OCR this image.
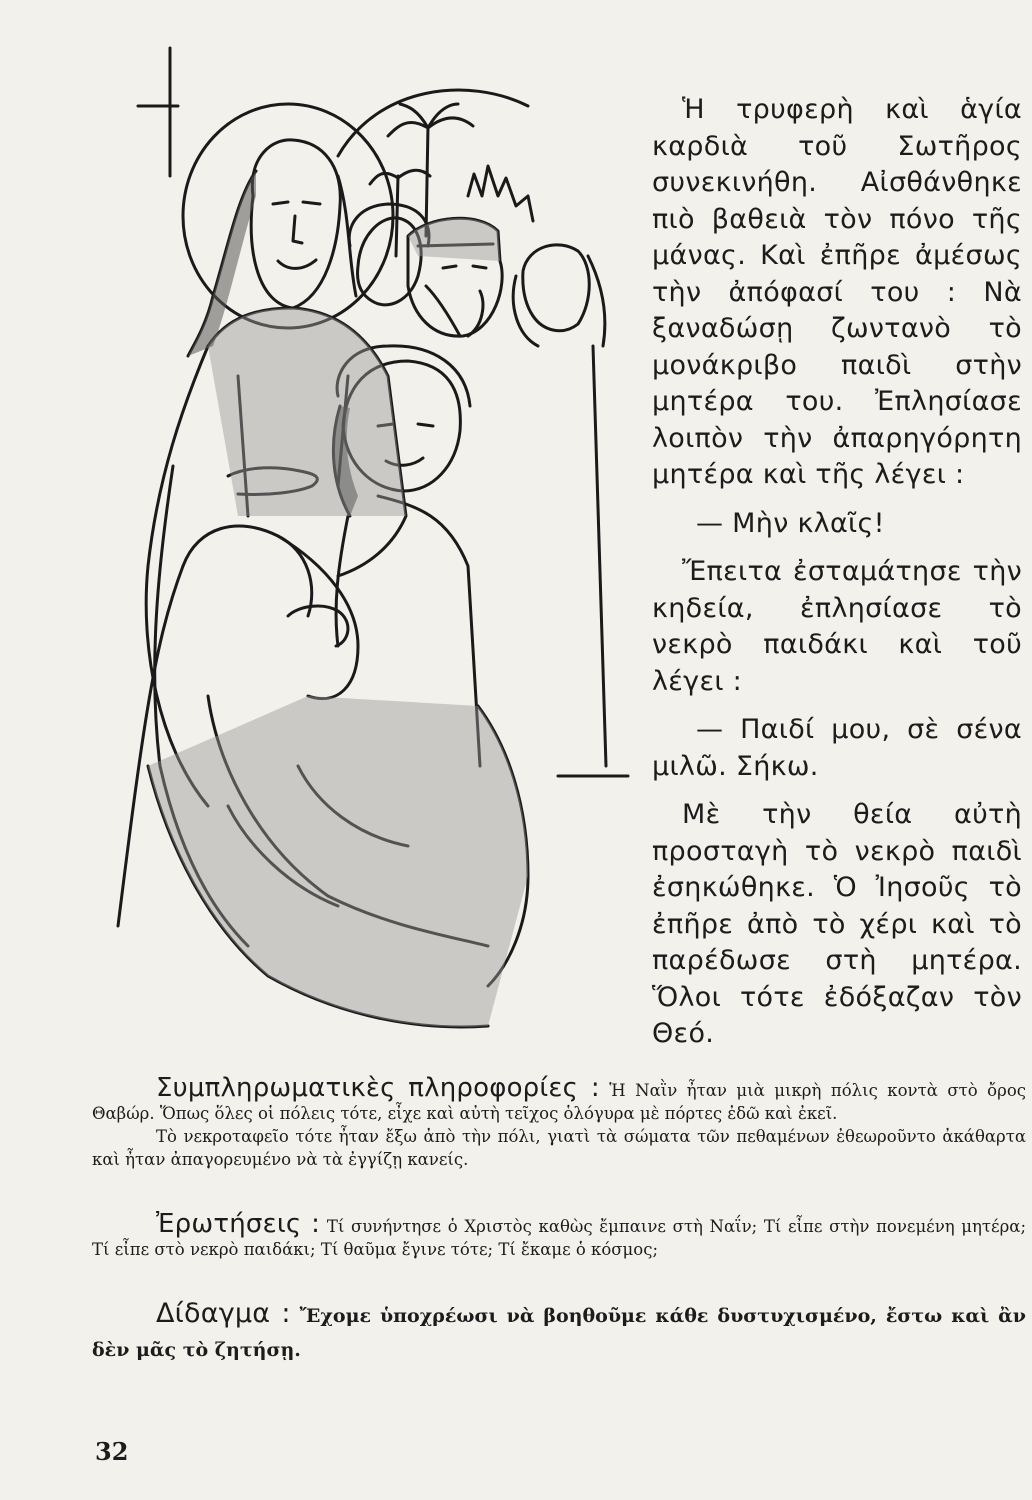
Ἡ τρυφερὴ καὶ ἁγία καρδιὰ τοῦ Σωτῆρος συνεκινήθη. Αἰσθάνθηκε πιὸ βαθειὰ τὸν πόνο τῆς μάνας. Καὶ ἐπῆρε ἀμέσως τὴν ἀπόφασί του : Νὰ ξαναδώσῃ ζωντανὸ τὸ μονάκριβο παιδὶ στὴν μητέρα του. Ἐπλησίασε λοιπὸν τὴν ἀπαρηγόρητη μητέρα καὶ τῆς λέγει :

— Μὴν κλαῖς!

Ἔπειτα ἐσταμάτησε τὴν κηδεία, ἐπλησίασε τὸ νεκρὸ παιδάκι καὶ τοῦ λέγει :

— Παιδί μου, σὲ σένα μιλῶ. Σήκω.

Μὲ τὴν θεία αὐτὴ προσταγὴ τὸ νεκρὸ παιδὶ ἐσηκώθηκε. Ὁ Ἰησοῦς τὸ ἐπῆρε ἀπὸ τὸ χέρι καὶ τὸ παρέδωσε στὴ μητέρα. Ὅλοι τότε ἐδόξαζαν τὸν Θεό.

Συμπληρωματικὲς πληροφορίες : Ἡ Ναῒν ἦταν μιὰ μικρὴ πόλις κοντὰ στὸ ὄρος Θαβώρ. Ὅπως ὅλες οἱ πόλεις τότε, εἶχε καὶ αὐτὴ τεῖχος ὁλόγυρα μὲ πόρτες ἐδῶ καὶ ἐκεῖ.

Τὸ νεκροταφεῖο τότε ἦταν ἔξω ἀπὸ τὴν πόλι, γιατὶ τὰ σώματα τῶν πεθαμένων ἐθεωροῦντο ἀκάθαρτα καὶ ἦταν ἀπαγορευμένο νὰ τὰ ἐγγίζῃ κανείς.

Ἐρωτήσεις : Τί συνήντησε ὁ Χριστὸς καθὼς ἔμπαινε στὴ Ναΐν; Τί εἶπε στὴν πονεμένη μητέρα; Τί εἶπε στὸ νεκρὸ παιδάκι; Τί θαῦμα ἔγινε τότε; Τί ἔκαμε ὁ κόσμος;

Δίδαγμα : Ἔχομε ὑποχρέωσι νὰ βοηθοῦμε κάθε δυστυχισμένο, ἔστω καὶ ἂν δὲν μᾶς τὸ ζητήσῃ.

32
